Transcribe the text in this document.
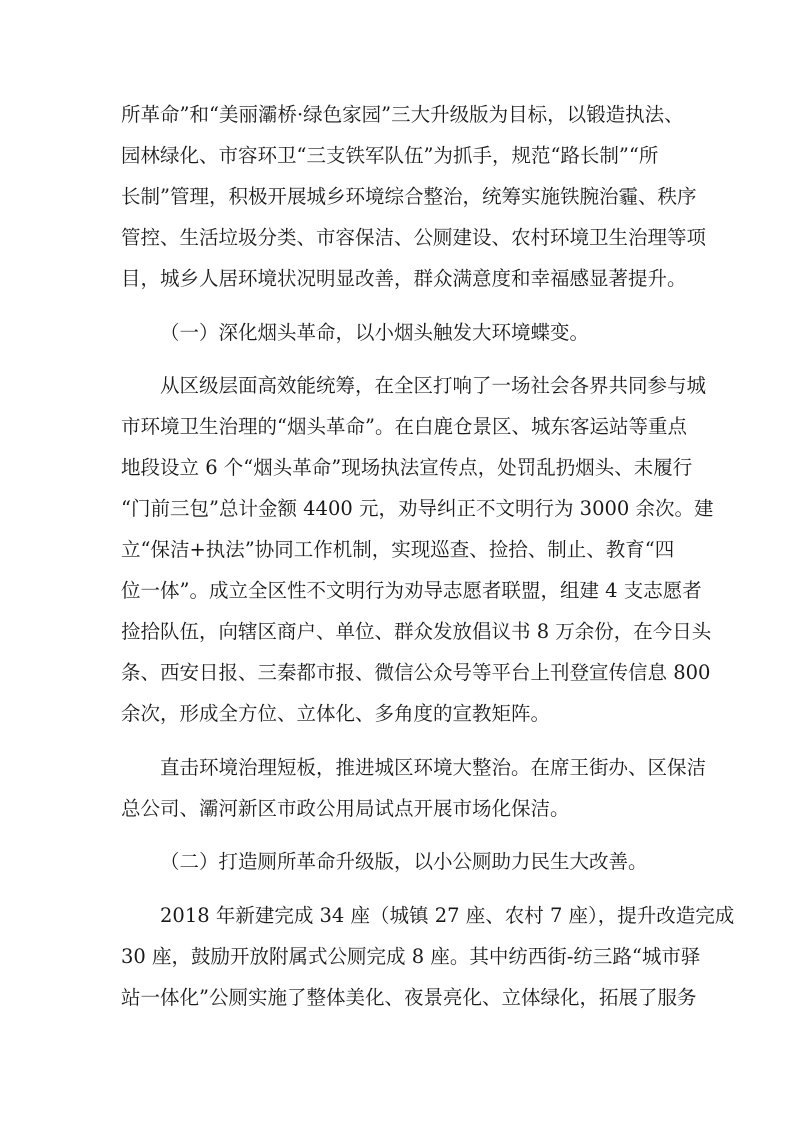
所革命”和“美丽灞桥·绿色家园”三大升级版为目标，以锻造执法、
园林绿化、市容环卫“三支铁军队伍”为抓手，规范“路长制”“所
长制”管理，积极开展城乡环境综合整治，统筹实施铁腕治霾、秩序
管控、生活垃圾分类、市容保洁、公厕建设、农村环境卫生治理等项
目，城乡人居环境状况明显改善，群众满意度和幸福感显著提升。
（一）深化烟头革命，以小烟头触发大环境蝶变。
从区级层面高效能统筹，在全区打响了一场社会各界共同参与城
市环境卫生治理的“烟头革命”。在白鹿仓景区、城东客运站等重点
地段设立 6 个“烟头革命”现场执法宣传点，处罚乱扔烟头、未履行
“门前三包”总计金额 4400 元，劝导纠正不文明行为 3000 余次。建
立“保洁+执法”协同工作机制，实现巡查、捡拾、制止、教育“四
位一体”。成立全区性不文明行为劝导志愿者联盟，组建 4 支志愿者
捡拾队伍，向辖区商户、单位、群众发放倡议书 8 万余份，在今日头
条、西安日报、三秦都市报、微信公众号等平台上刊登宣传信息 800
余次，形成全方位、立体化、多角度的宣教矩阵。
直击环境治理短板，推进城区环境大整治。在席王街办、区保洁
总公司、灞河新区市政公用局试点开展市场化保洁。
（二）打造厕所革命升级版，以小公厕助力民生大改善。
2018 年新建完成 34 座（城镇 27 座、农村 7 座），提升改造完成
30 座，鼓励开放附属式公厕完成 8 座。其中纺西街-纺三路“城市驿
站一体化”公厕实施了整体美化、夜景亮化、立体绿化，拓展了服务
